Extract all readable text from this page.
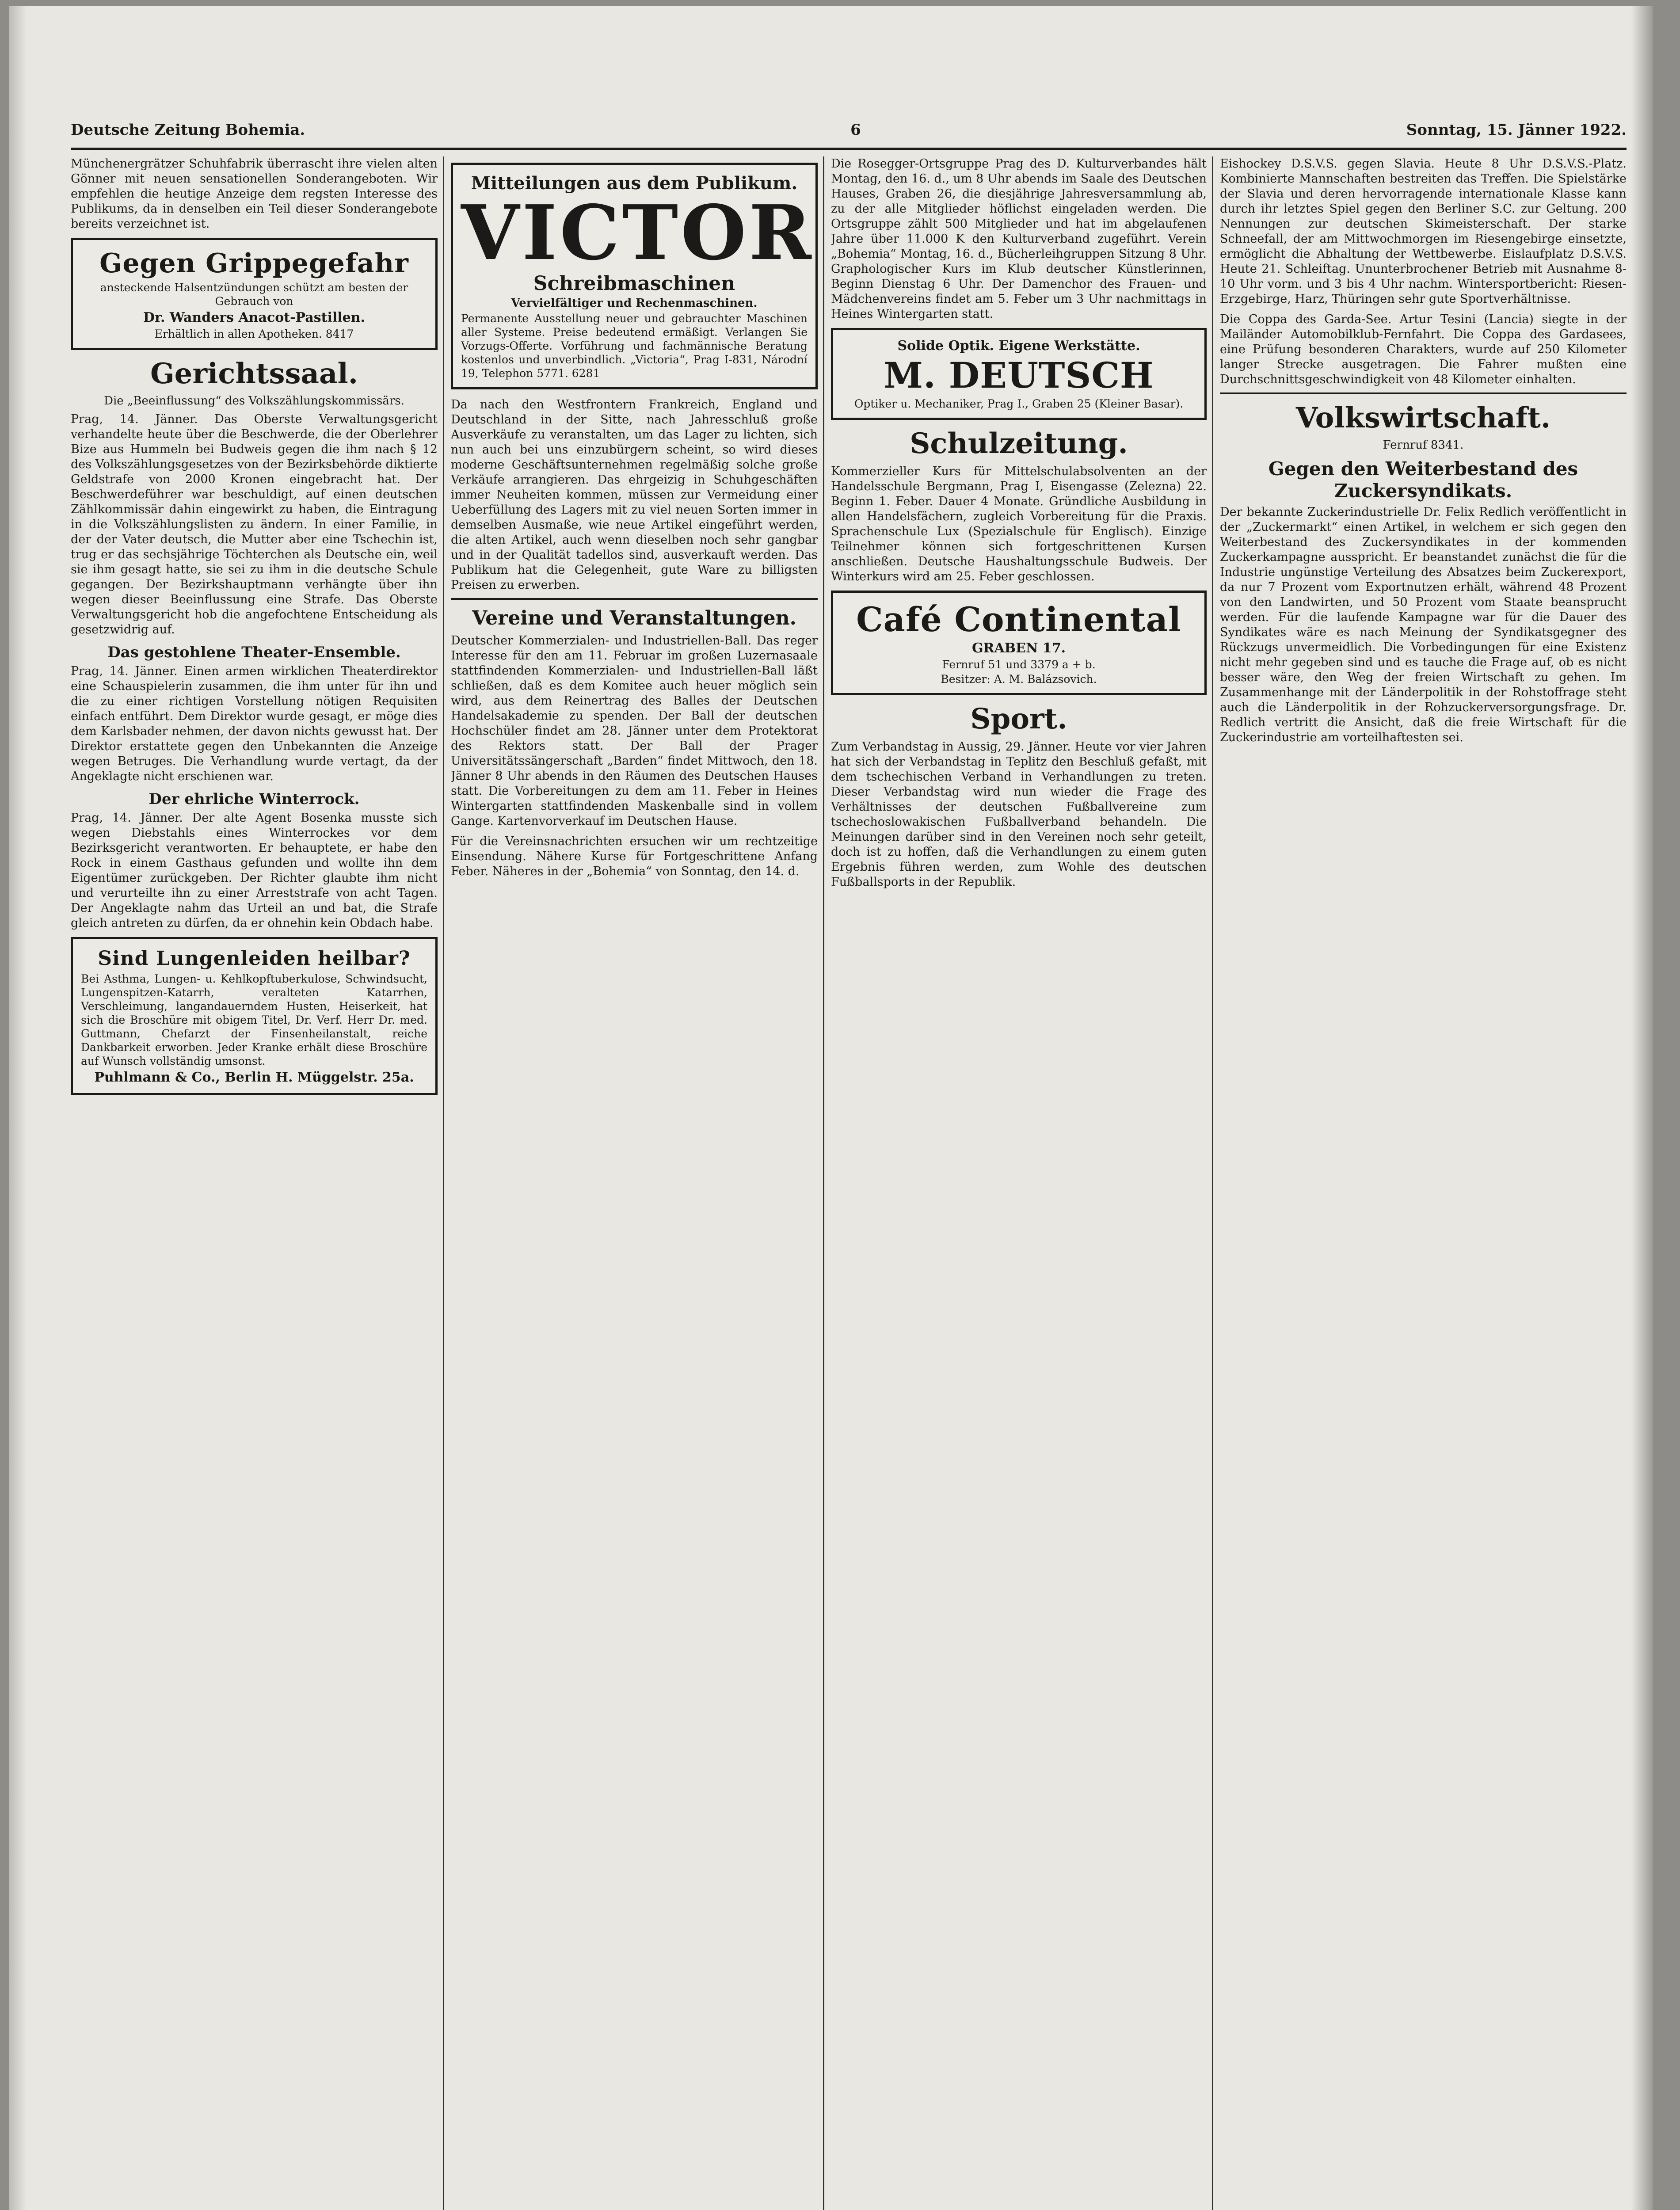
Deutsche Zeitung Bohemia.	6	Sonntag, 15. Jänner 1922.

Münchenergrätzer Schuhfabrik überrascht ihre vielen alten Gönner mit neuen sensationellen Sonderangeboten. Wir empfehlen die heutige Anzeige dem regsten Interesse des Publikums, da in denselben ein Teil dieser Sonderangebote bereits verzeichnet ist.

Gegen Grippegefahr
ansteckende Halsentzündungen schützt am besten der Gebrauch von
Dr. Wanders Anacot-Pastillen.
Erhältlich in allen Apotheken. 8417
Gerichtssaal.
Die „Beeinflussung“ des Volkszählungskommissärs.

Prag, 14. Jänner. Das Oberste Verwaltungsgericht verhandelte heute über die Beschwerde, die der Oberlehrer Bize aus Hummeln bei Budweis gegen die ihm nach § 12 des Volkszählungsgesetzes von der Bezirksbehörde diktierte Geldstrafe von 2000 Kronen eingebracht hat. Der Beschwerdeführer war beschuldigt, auf einen deutschen Zählkommissär dahin eingewirkt zu haben, die Eintragung in die Volkszählungslisten zu ändern. In einer Familie, in der der Vater deutsch, die Mutter aber eine Tschechin ist, trug er das sechsjährige Töchterchen als Deutsche ein, weil sie ihm gesagt hatte, sie sei zu ihm in die deutsche Schule gegangen. Der Bezirkshauptmann verhängte über ihn wegen dieser Beeinflussung eine Strafe. Das Oberste Verwaltungsgericht hob die angefochtene Entscheidung als gesetzwidrig auf.

Das gestohlene Theater-Ensemble.

Prag, 14. Jänner. Einen armen wirklichen Theaterdirektor eine Schauspielerin zusammen, die ihm unter für ihn und die zu einer richtigen Vorstellung nötigen Requisiten einfach entführt. Dem Direktor wurde gesagt, er möge dies dem Karlsbader nehmen, der davon nichts gewusst hat. Der Direktor erstattete gegen den Unbekannten die Anzeige wegen Betruges. Die Verhandlung wurde vertagt, da der Angeklagte nicht erschienen war.

Der ehrliche Winterrock.

Prag, 14. Jänner. Der alte Agent Bosenka musste sich wegen Diebstahls eines Winterrockes vor dem Bezirksgericht verantworten. Er behauptete, er habe den Rock in einem Gasthaus gefunden und wollte ihn dem Eigentümer zurückgeben. Der Richter glaubte ihm nicht und verurteilte ihn zu einer Arreststrafe von acht Tagen. Der Angeklagte nahm das Urteil an und bat, die Strafe gleich antreten zu dürfen, da er ohnehin kein Obdach habe.

Sind Lungenleiden heilbar?
Bei Asthma, Lungen- u. Kehlkopftuberkulose, Schwindsucht, Lungenspitzen-Katarrh, veralteten Katarrhen, Verschleimung, langandauerndem Husten, Heiserkeit, hat sich die Broschüre mit obigem Titel, Dr. Verf. Herr Dr. med. Guttmann, Chefarzt der Finsenheilanstalt, reiche Dankbarkeit erworben. Jeder Kranke erhält diese Broschüre auf Wunsch vollständig umsonst.
Puhlmann & Co., Berlin H. Müggelstr. 25a.
Mitteilungen aus dem Publikum.
VICTOR
Schreibmaschinen
Vervielfältiger und Rechenmaschinen.
Permanente Ausstellung neuer und gebrauchter Maschinen aller Systeme. Preise bedeutend ermäßigt. Verlangen Sie Vorzugs-Offerte. Vorführung und fachmännische Beratung kostenlos und unverbindlich. „Victoria“, Prag I-831, Národní 19, Telephon 5771. 6281

Da nach den Westfrontern Frankreich, England und Deutschland in der Sitte, nach Jahresschluß große Ausverkäufe zu veranstalten, um das Lager zu lichten, sich nun auch bei uns einzubürgern scheint, so wird dieses moderne Geschäftsunternehmen regelmäßig solche große Verkäufe arrangieren. Das ehrgeizig in Schuhgeschäften immer Neuheiten kommen, müssen zur Vermeidung einer Ueberfüllung des Lagers mit zu viel neuen Sorten immer in demselben Ausmaße, wie neue Artikel eingeführt werden, die alten Artikel, auch wenn dieselben noch sehr gangbar und in der Qualität tadellos sind, ausverkauft werden. Das Publikum hat die Gelegenheit, gute Ware zu billigsten Preisen zu erwerben.

Vereine und Veranstaltungen.

Deutscher Kommerzialen- und Industriellen-Ball. Das reger Interesse für den am 11. Februar im großen Luzernasaale stattfindenden Kommerzialen- und Industriellen-Ball läßt schließen, daß es dem Komitee auch heuer möglich sein wird, aus dem Reinertrag des Balles der Deutschen Handelsakademie zu spenden. Der Ball der deutschen Hochschüler findet am 28. Jänner unter dem Protektorat des Rektors statt. Der Ball der Prager Universitätssängerschaft „Barden“ findet Mittwoch, den 18. Jänner 8 Uhr abends in den Räumen des Deutschen Hauses statt. Die Vorbereitungen zu dem am 11. Feber in Heines Wintergarten stattfindenden Maskenballe sind in vollem Gange. Kartenvorverkauf im Deutschen Hause.

Für die Vereinsnachrichten ersuchen wir um rechtzeitige Einsendung. Nähere Kurse für Fortgeschrittene Anfang Feber. Näheres in der „Bohemia“ von Sonntag, den 14. d.

Die Rosegger-Ortsgruppe Prag des D. Kulturverbandes hält Montag, den 16. d., um 8 Uhr abends im Saale des Deutschen Hauses, Graben 26, die diesjährige Jahresversammlung ab, zu der alle Mitglieder höflichst eingeladen werden. Die Ortsgruppe zählt 500 Mitglieder und hat im abgelaufenen Jahre über 11.000 K den Kulturverband zugeführt. Verein „Bohemia“ Montag, 16. d., Bücherleihgruppen Sitzung 8 Uhr. Graphologischer Kurs im Klub deutscher Künstlerinnen, Beginn Dienstag 6 Uhr. Der Damenchor des Frauen- und Mädchenvereins findet am 5. Feber um 3 Uhr nachmittags in Heines Wintergarten statt.

Solide Optik. Eigene Werkstätte.
M. DEUTSCH
Optiker u. Mechaniker, Prag I., Graben 25 (Kleiner Basar).
Schulzeitung.

Kommerzieller Kurs für Mittelschulabsolventen an der Handelsschule Bergmann, Prag I, Eisengasse (Zelezna) 22. Beginn 1. Feber. Dauer 4 Monate. Gründliche Ausbildung in allen Handelsfächern, zugleich Vorbereitung für die Praxis. Sprachenschule Lux (Spezialschule für Englisch). Einzige Teilnehmer können sich fortgeschrittenen Kursen anschließen. Deutsche Haushaltungsschule Budweis. Der Winterkurs wird am 25. Feber geschlossen.

Café Continental
GRABEN 17.
Fernruf 51 und 3379 a + b.
Besitzer: A. M. Balázsovich.
Sport.

Zum Verbandstag in Aussig, 29. Jänner. Heute vor vier Jahren hat sich der Verbandstag in Teplitz den Beschluß gefaßt, mit dem tschechischen Verband in Verhandlungen zu treten. Dieser Verbandstag wird nun wieder die Frage des Verhältnisses der deutschen Fußballvereine zum tschechoslowakischen Fußballverband behandeln. Die Meinungen darüber sind in den Vereinen noch sehr geteilt, doch ist zu hoffen, daß die Verhandlungen zu einem guten Ergebnis führen werden, zum Wohle des deutschen Fußballsports in der Republik.

Eishockey D.S.V.S. gegen Slavia. Heute 8 Uhr D.S.V.S.-Platz. Kombinierte Mannschaften bestreiten das Treffen. Die Spielstärke der Slavia und deren hervorragende internationale Klasse kann durch ihr letztes Spiel gegen den Berliner S.C. zur Geltung. 200 Nennungen zur deutschen Skimeisterschaft. Der starke Schneefall, der am Mittwochmorgen im Riesengebirge einsetzte, ermöglicht die Abhaltung der Wettbewerbe. Eislaufplatz D.S.V.S. Heute 21. Schleiftag. Ununterbrochener Betrieb mit Ausnahme 8-10 Uhr vorm. und 3 bis 4 Uhr nachm. Wintersportbericht: Riesen-Erzgebirge, Harz, Thüringen sehr gute Sportverhältnisse.

Die Coppa des Garda-See. Artur Tesini (Lancia) siegte in der Mailänder Automobilklub-Fernfahrt. Die Coppa des Gardasees, eine Prüfung besonderen Charakters, wurde auf 250 Kilometer langer Strecke ausgetragen. Die Fahrer mußten eine Durchschnittsgeschwindigkeit von 48 Kilometer einhalten.

Volkswirtschaft.
Fernruf 8341.
Gegen den Weiterbestand des Zuckersyndikats.

Der bekannte Zuckerindustrielle Dr. Felix Redlich veröffentlicht in der „Zuckermarkt“ einen Artikel, in welchem er sich gegen den Weiterbestand des Zuckersyndikates in der kommenden Zuckerkampagne ausspricht. Er beanstandet zunächst die für die Industrie ungünstige Verteilung des Absatzes beim Zuckerexport, da nur 7 Prozent vom Exportnutzen erhält, während 48 Prozent von den Landwirten, und 50 Prozent vom Staate beansprucht werden. Für die laufende Kampagne war für die Dauer des Syndikates wäre es nach Meinung der Syndikatsgegner des Rückzugs unvermeidlich. Die Vorbedingungen für eine Existenz nicht mehr gegeben sind und es tauche die Frage auf, ob es nicht besser wäre, den Weg der freien Wirtschaft zu gehen. Im Zusammenhange mit der Länderpolitik in der Rohstoffrage steht auch die Länderpolitik in der Rohzuckerversorgungsfrage. Dr. Redlich vertritt die Ansicht, daß die freie Wirtschaft für die Zuckerindustrie am vorteilhaftesten sei.
